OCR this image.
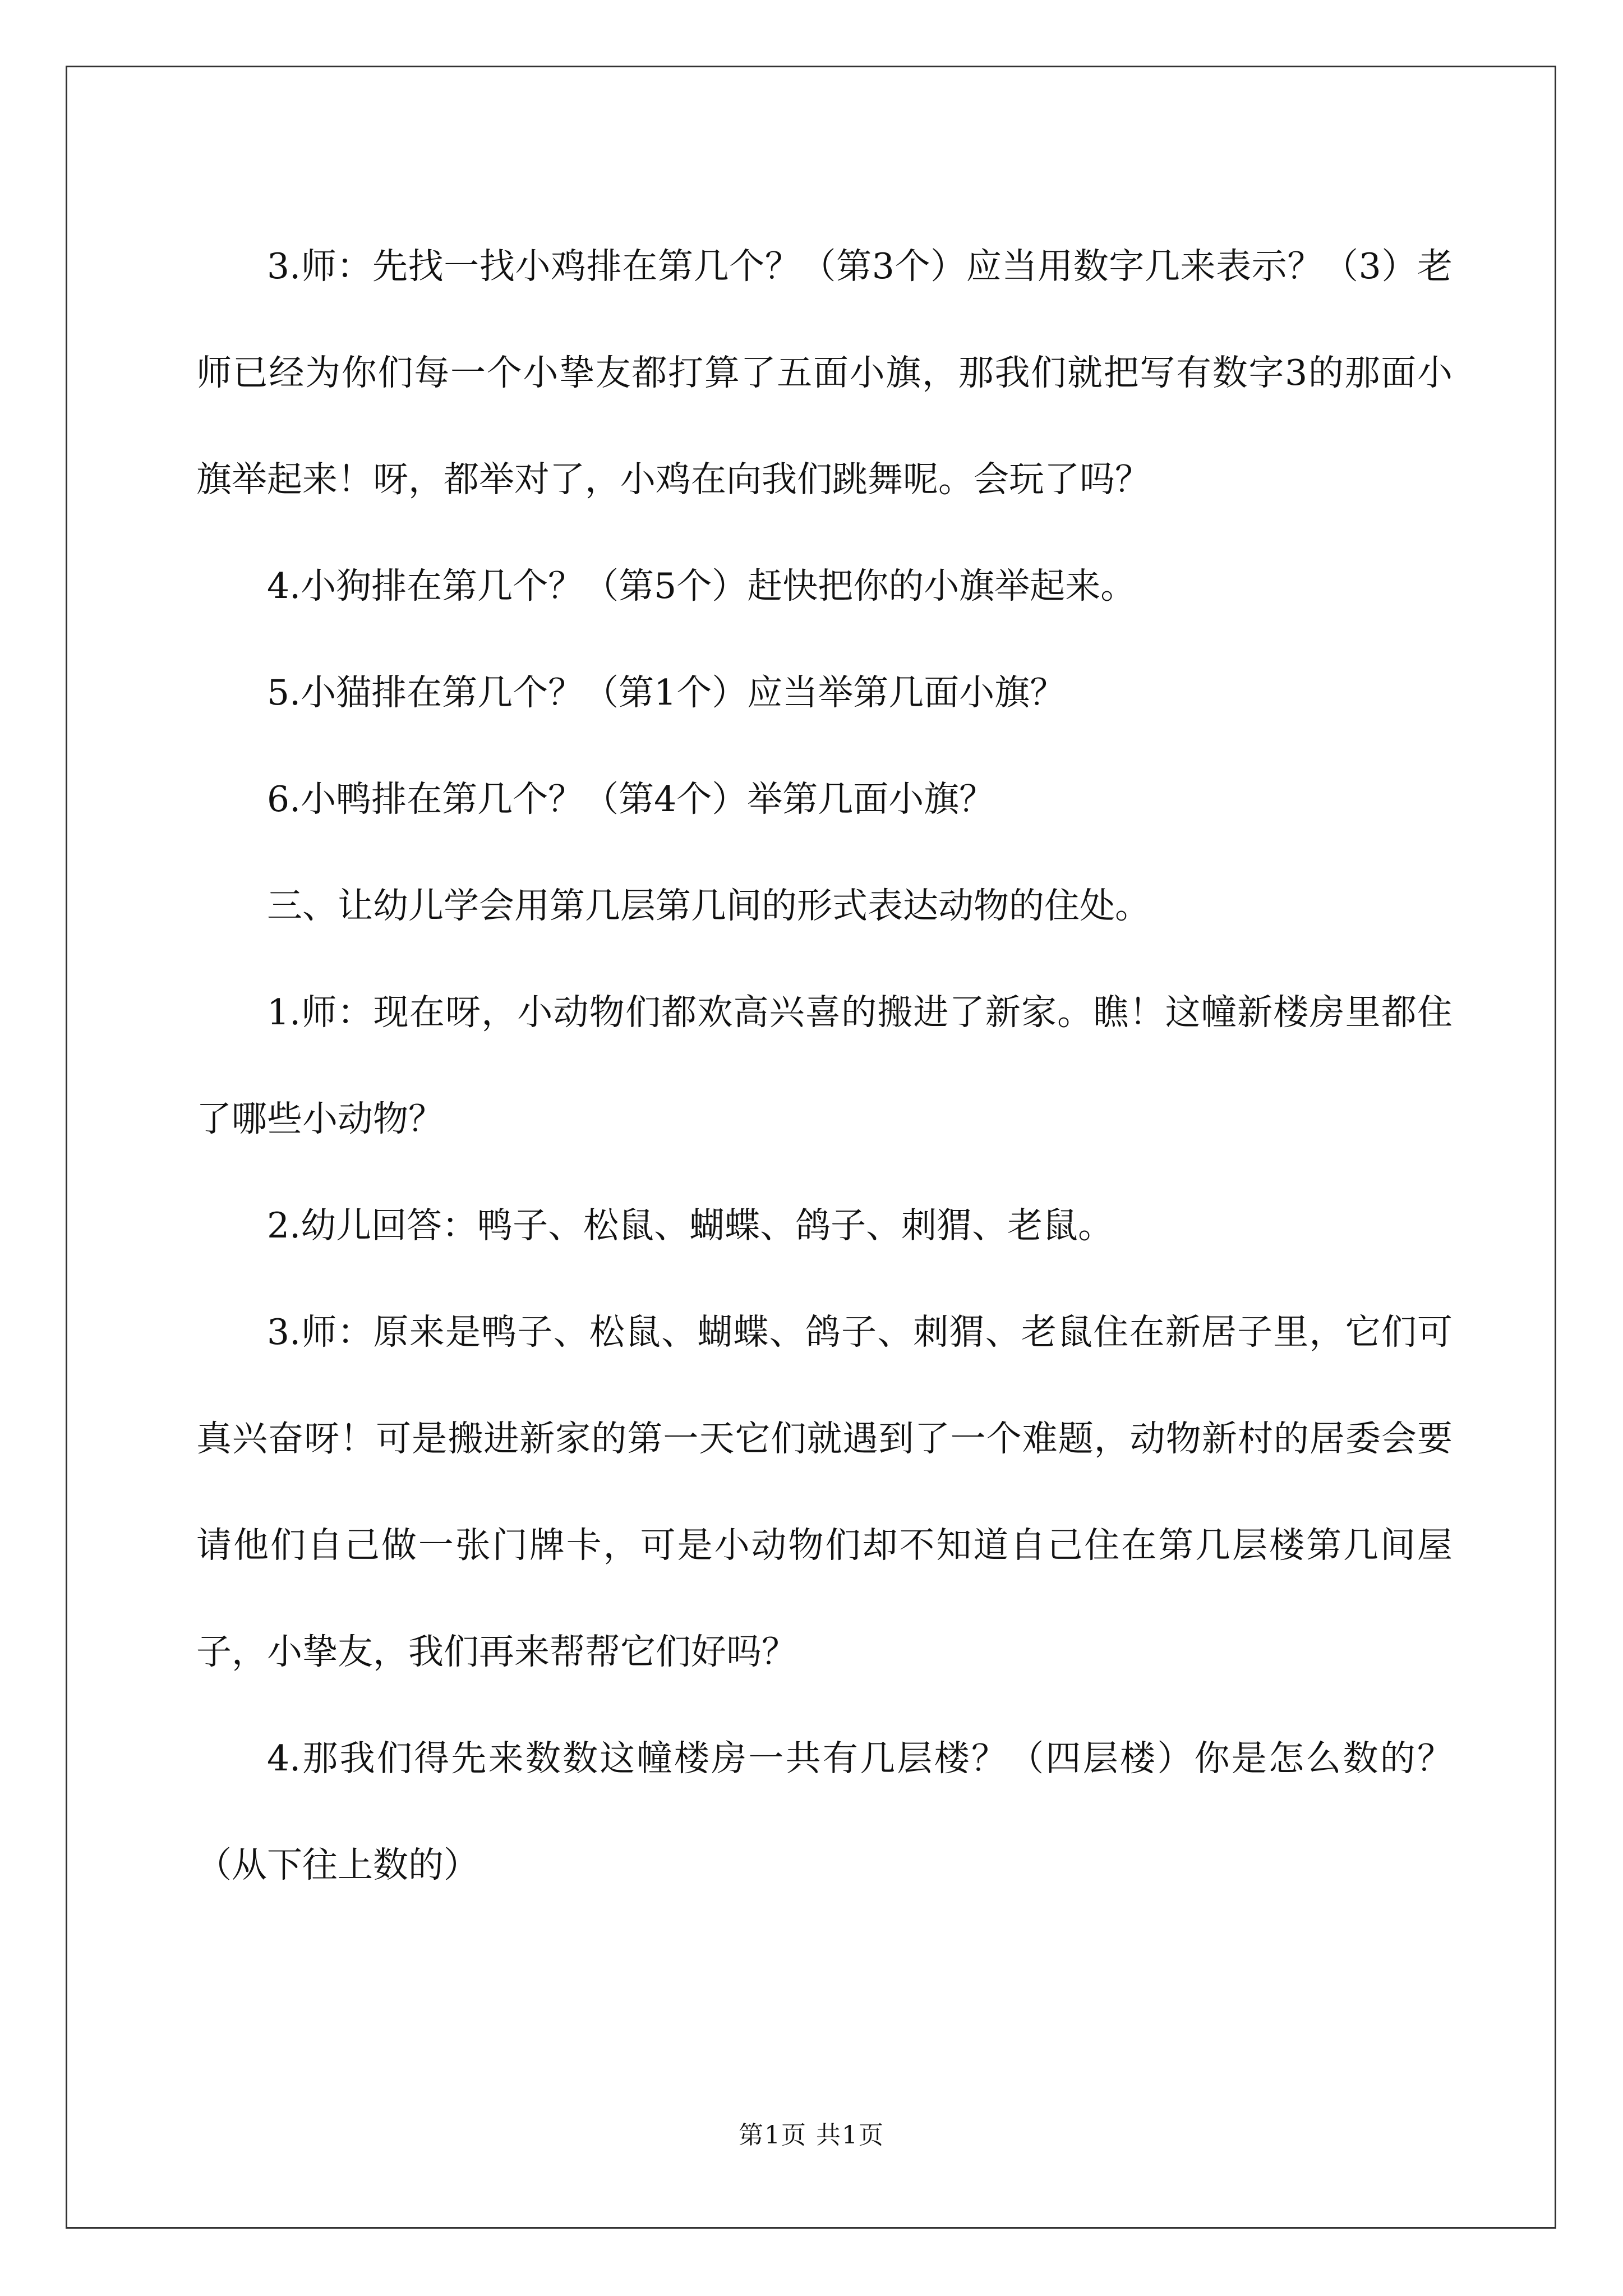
3.师：先找一找小鸡排在第几个？（第3个）应当用数字几来表示？（3）老师已经为你们每一个小挚友都打算了五面小旗，那我们就把写有数字3的那面小旗举起来！呀，都举对了，小鸡在向我们跳舞呢。会玩了吗？

4.小狗排在第几个？（第5个）赶快把你的小旗举起来。

5.小猫排在第几个？（第1个）应当举第几面小旗？

6.小鸭排在第几个？（第4个）举第几面小旗？

三、让幼儿学会用第几层第几间的形式表达动物的住处。

1.师：现在呀，小动物们都欢高兴喜的搬进了新家。瞧！这幢新楼房里都住了哪些小动物？

2.幼儿回答：鸭子、松鼠、蝴蝶、鸽子、刺猬、老鼠。

3.师：原来是鸭子、松鼠、蝴蝶、鸽子、刺猬、老鼠住在新居子里，它们可真兴奋呀！可是搬进新家的第一天它们就遇到了一个难题，动物新村的居委会要请他们自己做一张门牌卡，可是小动物们却不知道自己住在第几层楼第几间屋子，小挚友，我们再来帮帮它们好吗？

4.那我们得先来数数这幢楼房一共有几层楼？（四层楼）你是怎么数的？（从下往上数的）

第1页 共1页
